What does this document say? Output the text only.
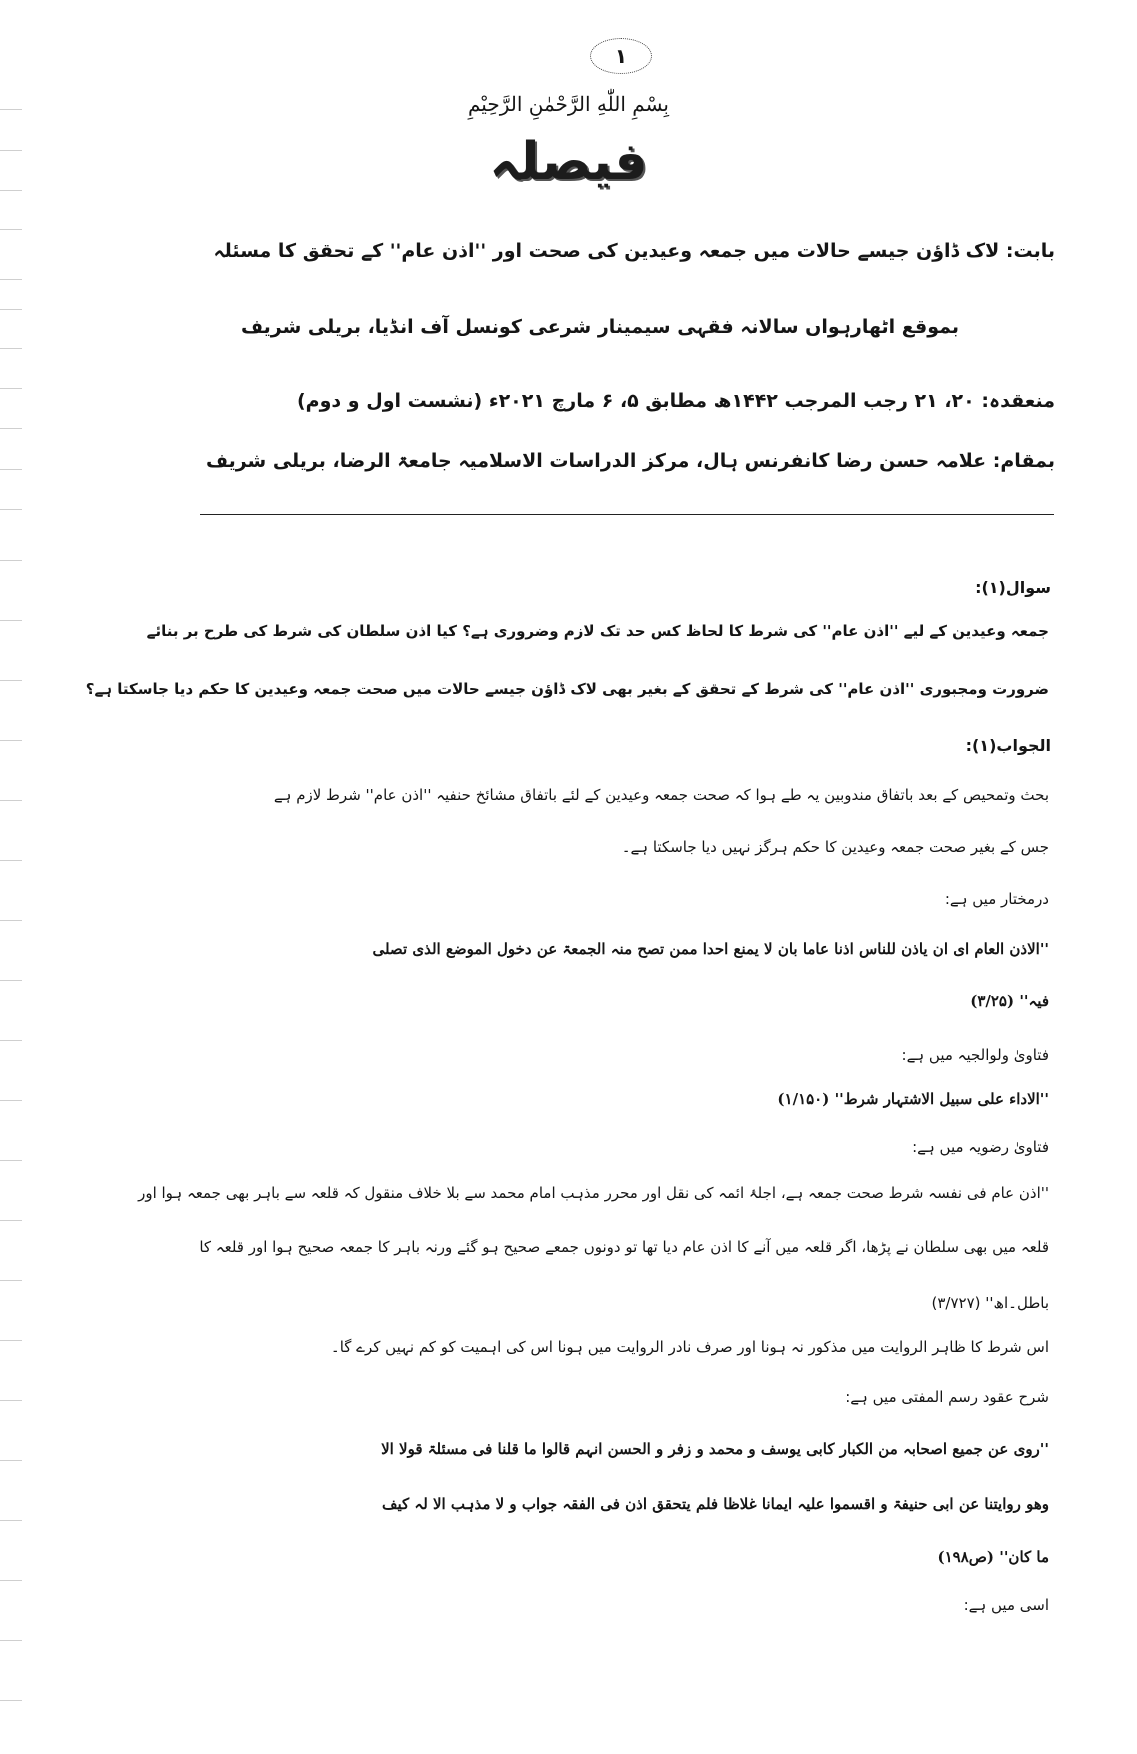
۱
بِسْمِ اللّٰهِ الرَّحْمٰنِ الرَّحِيْمِ
فیصلہ
بابت: لاک ڈاؤن جیسے حالات میں جمعہ وعیدین کی صحت اور ''اذن عام'' کے تحقق کا مسئلہ
بموقع اٹھارہواں سالانہ فقہی سیمینار شرعی کونسل آف انڈیا، بریلی شریف
منعقدہ: ۲۰، ۲۱ رجب المرجب ۱۴۴۲ھ مطابق ۵، ۶ مارچ ۲۰۲۱ء (نشست اول و دوم)
بمقام: علامہ حسن رضا کانفرنس ہال، مرکز الدراسات الاسلامیہ جامعۃ الرضا، بریلی شریف
سوال(۱):
جمعہ وعیدین کے لیے ''اذن عام'' کی شرط کا لحاظ کس حد تک لازم وضروری ہے؟ کیا اذن سلطان کی شرط کی طرح بر بنائے
ضرورت ومجبوری ''اذن عام'' کی شرط کے تحقق کے بغیر بھی لاک ڈاؤن جیسے حالات میں صحت جمعہ وعیدین کا حکم دیا جاسکتا ہے؟
الجواب(۱):
بحث وتمحیص کے بعد باتفاق مندوبین یہ طے ہوا کہ صحت جمعہ وعیدین کے لئے باتفاق مشائخ حنفیہ ''اذن عام'' شرط لازم ہے
جس کے بغیر صحت جمعہ وعیدین کا حکم ہرگز نہیں دیا جاسکتا ہے۔
درمختار میں ہے:
''الاذن العام ای ان یاذن للناس اذنا عاما بان لا یمنع احدا ممن تصح منہ الجمعۃ عن دخول الموضع الذی تصلی
فیہ'' (۳/۲۵)
فتاویٰ ولوالجیہ میں ہے:
''الاداء علی سبیل الاشتہار شرط'' (۱/۱۵۰)
فتاویٰ رضویہ میں ہے:
''اذن عام فی نفسہ شرط صحت جمعہ ہے، اجلۂ ائمہ کی نقل اور محرر مذہب امام محمد سے بلا خلاف منقول کہ قلعہ سے باہر بھی جمعہ ہوا اور
قلعہ میں بھی سلطان نے پڑھا، اگر قلعہ میں آنے کا اذن عام دیا تھا تو دونوں جمعے صحیح ہو گئے ورنہ باہر کا جمعہ صحیح ہوا اور قلعہ کا
باطل۔اھ'' (۳/۷۲۷)
اس شرط کا ظاہر الروایت میں مذکور نہ ہونا اور صرف نادر الروایت میں ہونا اس کی اہمیت کو کم نہیں کرے گا۔
شرح عقود رسم المفتی میں ہے:
''روی عن جمیع اصحابہ من الکبار کابی یوسف و محمد و زفر و الحسن انہم قالوا ما قلنا فی مسئلۃ قولا الا
وھو روایتنا عن ابی حنیفۃ و اقسموا علیہ ایمانا غلاظا فلم یتحقق اذن فی الفقہ جواب و لا مذہب الا لہ کیف
ما کان'' (ص۱۹۸)
اسی میں ہے:
